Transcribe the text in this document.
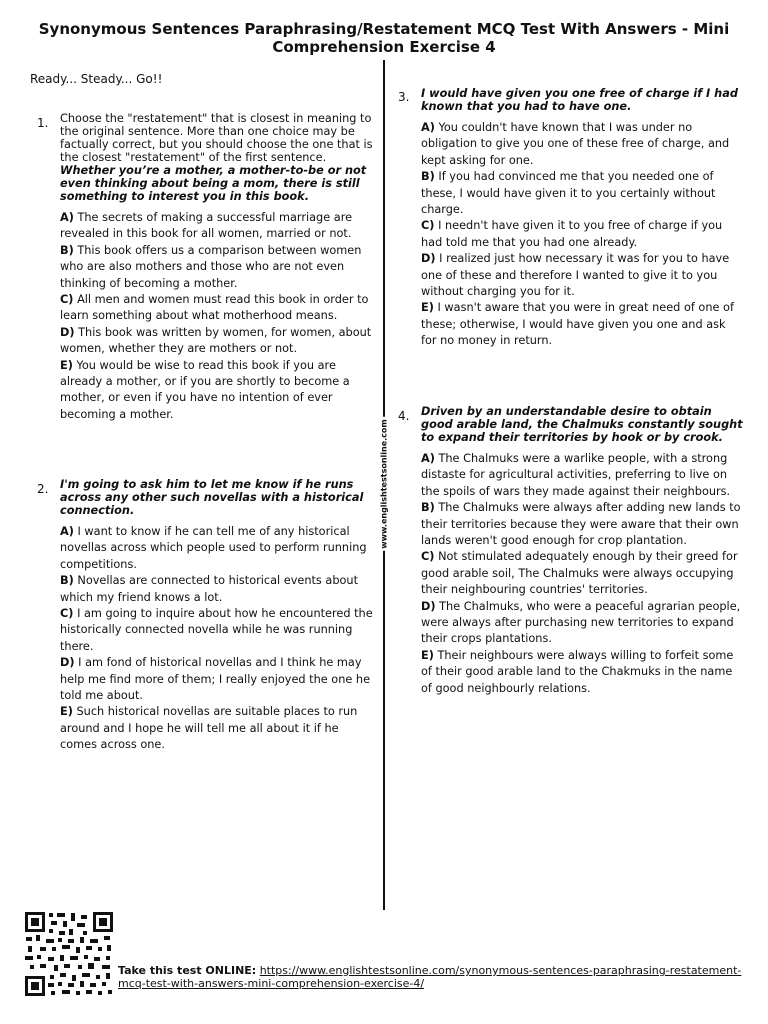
Synonymous Sentences Paraphrasing/Restatement MCQ Test With Answers - Mini Comprehension Exercise 4
www.englishtestsonline.com
Ready... Steady... Go!!
1. Choose the "restatement" that is closest in meaning to the original sentence. More than one choice may be factually correct, but you should choose the one that is the closest "restatement" of the first sentence.
Whether you’re a mother, a mother-to-be or not even thinking about being a mom, there is still something to interest you in this book.
A) The secrets of making a successful marriage are revealed in this book for all women, married or not.
B) This book offers us a comparison between women who are also mothers and those who are not even thinking of becoming a mother.
C) All men and women must read this book in order to learn something about what motherhood means.
D) This book was written by women, for women, about women, whether they are mothers or not.
E) You would be wise to read this book if you are already a mother, or if you are shortly to become a mother, or even if you have no intention of ever becoming a mother.
2. I'm going to ask him to let me know if he runs across any other such novellas with a historical connection.
A) I want to know if he can tell me of any historical novellas across which people used to perform running competitions.
B) Novellas are connected to historical events about which my friend knows a lot.
C) I am going to inquire about how he encountered the historically connected novella while he was running there.
D) I am fond of historical novellas and I think he may help me find more of them; I really enjoyed the one he told me about.
E) Such historical novellas are suitable places to run around and I hope he will tell me all about it if he comes across one.
3. I would have given you one free of charge if I had known that you had to have one.
A) You couldn't have known that I was under no obligation to give you one of these free of charge, and kept asking for one.
B) If you had convinced me that you needed one of these, I would have given it to you certainly without charge.
C) I needn't have given it to you free of charge if you had told me that you had one already.
D) I realized just how necessary it was for you to have one of these and therefore I wanted to give it to you without charging you for it.
E) I wasn't aware that you were in great need of one of these; otherwise, I would have given you one and ask for no money in return.
4. Driven by an understandable desire to obtain good arable land, the Chalmuks constantly sought to expand their territories by hook or by crook.
A) The Chalmuks were a warlike people, with a strong distaste for agricultural activities, preferring to live on the spoils of wars they made against their neighbours.
B) The Chalmuks were always after adding new lands to their territories because they were aware that their own lands weren't good enough for crop plantation.
C) Not stimulated adequately enough by their greed for good arable soil, The Chalmuks were always occupying their neighbouring countries' territories.
D) The Chalmuks, who were a peaceful agrarian people, were always after purchasing new territories to expand their crops plantations.
E) Their neighbours were always willing to forfeit some of their good arable land to the Chakmuks in the name of good neighbourly relations.
Take this test ONLINE: https://www.englishtestsonline.com/synonymous-sentences-paraphrasing-restatement-mcq-test-with-answers-mini-comprehension-exercise-4/
